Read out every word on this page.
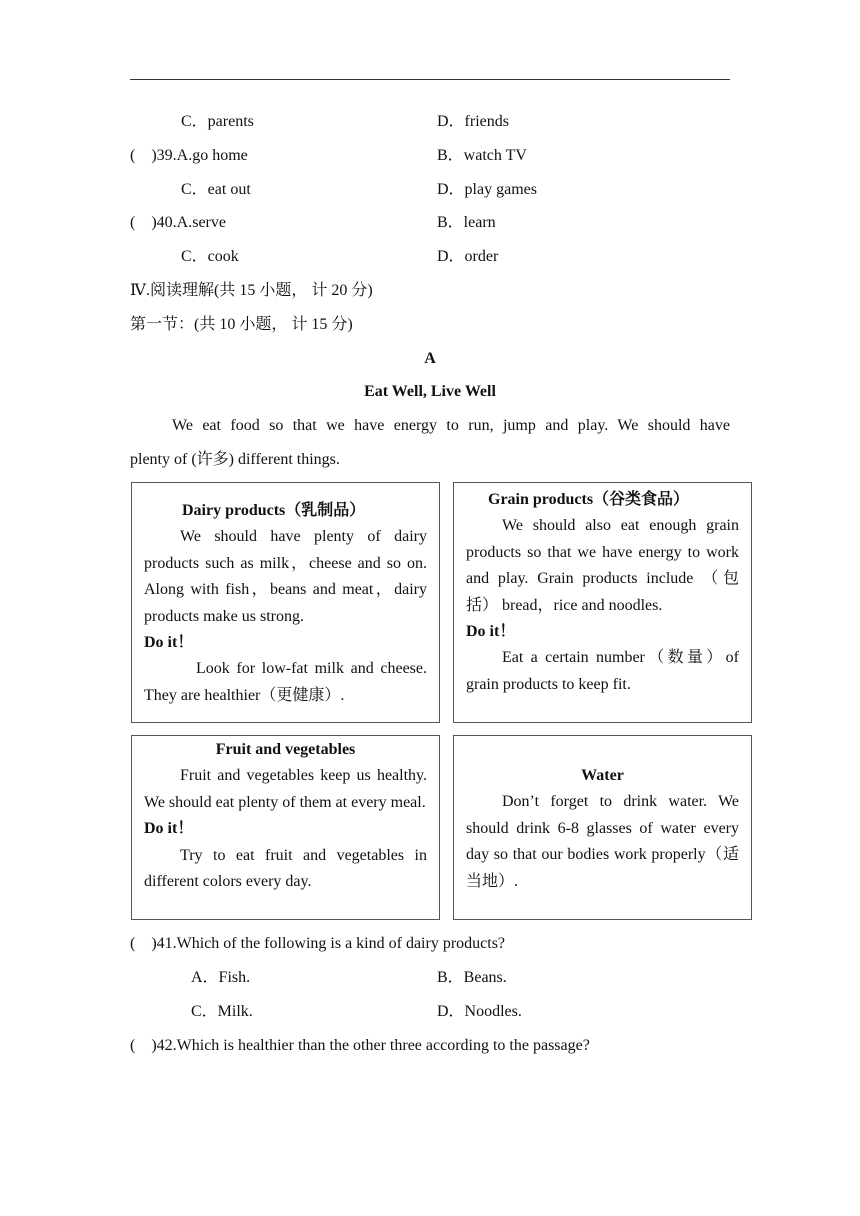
C．parents	D．friends
(　)39.A.go home	B．watch TV
C．eat out	D．play games
(　)40.A.serve	B．learn
C．cook	D．order
Ⅳ.阅读理解(共 15 小题， 计 20 分)
第一节：(共 10 小题， 计 15 分)
A
Eat Well, Live Well
We eat food so that we have energy to run, jump and play. We should have
plenty of (许多) different things.

Dairy products（乳制品）

We should have plenty of dairy products such as milk，cheese and so on. Along with fish，beans and meat，dairy products make us strong.

Do it！

Look for low-fat milk and cheese. They are healthier（更健康）.

Grain products（谷类食品）

We should also eat enough grain products so that we have energy to work and play. Grain products include （包括） bread，rice and noodles.

Do it！

Eat a certain number（数量）of grain products to keep fit.

Fruit and vegetables

Fruit and vegetables keep us healthy. We should eat plenty of them at every meal.

Do it！

Try to eat fruit and vegetables in different colors every day.

Water

Don’t forget to drink water. We should drink 6-8 glasses of water every day so that our bodies work properly（适当地）.

(　)41.Which of the following is a kind of dairy products?
A．Fish.	B．Beans.
C．Milk.	D．Noodles.
(　)42.Which is healthier than the other three according to the passage?
